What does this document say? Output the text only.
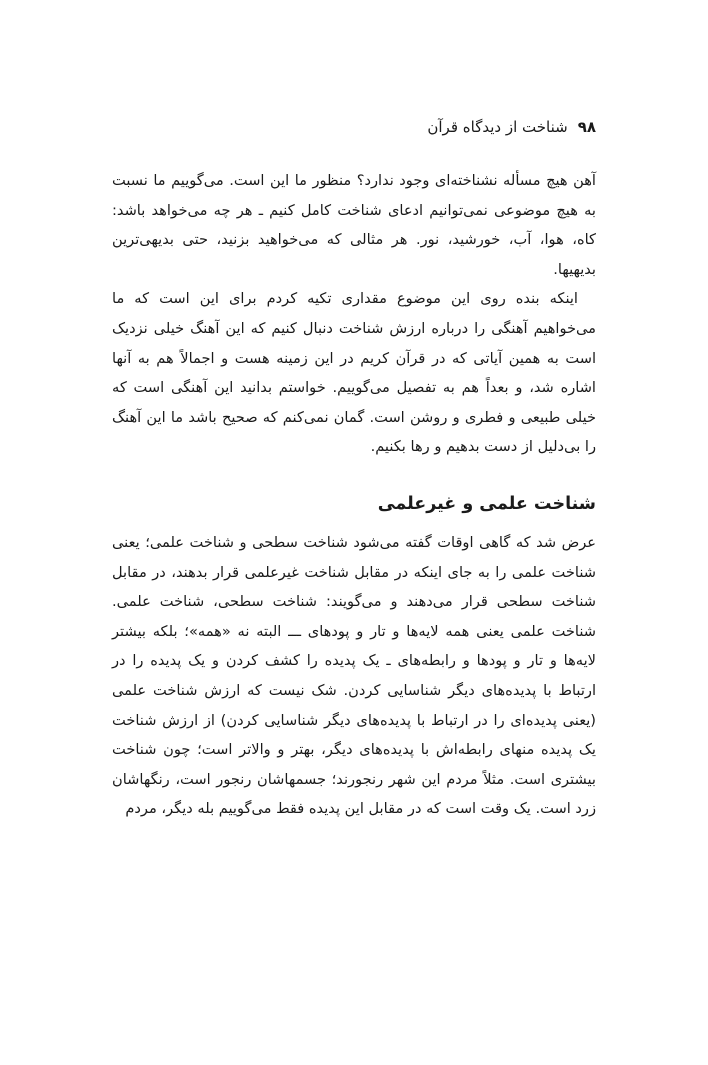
۹۸
شناخت از دیدگاه قرآن

آهن هیچ مسأله نشناخته‌ای وجود ندارد؟ منظور ما این است. می‌گوییم ما نسبت به هیچ موضوعی نمی‌توانیم ادعای شناخت کامل کنیم ـ هر چه می‌خواهد باشد: کاه، هوا، آب، خورشید، نور. هر مثالی که می‌خواهید بزنید، حتی بدیهی‌ترین بدیهیها.

اینکه بنده روی این موضوع مقداری تکیه کردم برای این است که ما می‌خواهیم آهنگی را درباره ارزش شناخت دنبال کنیم که این آهنگ خیلی نزدیک است به همین آیاتی که در قرآن کریم در این زمینه هست و اجمالاً هم به آنها اشاره شد، و بعداً هم به تفصیل می‌گوییم. خواستم بدانید این آهنگی است که خیلی طبیعی و فطری و روشن است. گمان نمی‌کنم که صحیح باشد ما این آهنگ را بی‌دلیل از دست بدهیم و رها بکنیم.

شناخت علمی و غیرعلمی

عرض شد که گاهی اوقات گفته می‌شود شناخت سطحی و شناخت علمی؛ یعنی شناخت علمی را به جای اینکه در مقابل شناخت غیرعلمی قرار بدهند، در مقابل شناخت سطحی قرار می‌دهند و می‌گویند: شناخت سطحی، شناخت علمی. شناخت علمی یعنی همه لایه‌ها و تار و پودهای ـــ البته نه «همه»؛ بلکه بیشتر لایه‌ها و تار و پودها و رابطه‌های ـ یک پدیده را کشف کردن و یک پدیده را در ارتباط با پدیده‌های دیگر شناسایی کردن. شک نیست که ارزش شناخت علمی (یعنی پدیده‌ای را در ارتباط با پدیده‌های دیگر شناسایی کردن) از ارزش شناخت یک پدیده منهای رابطه‌اش با پدیده‌های دیگر، بهتر و والاتر است؛ چون شناخت بیشتری است. مثلاً مردم این شهر رنجورند؛ جسمهاشان رنجور است، رنگهاشان زرد است. یک وقت است که در مقابل این پدیده فقط می‌گوییم بله دیگر، مردم
